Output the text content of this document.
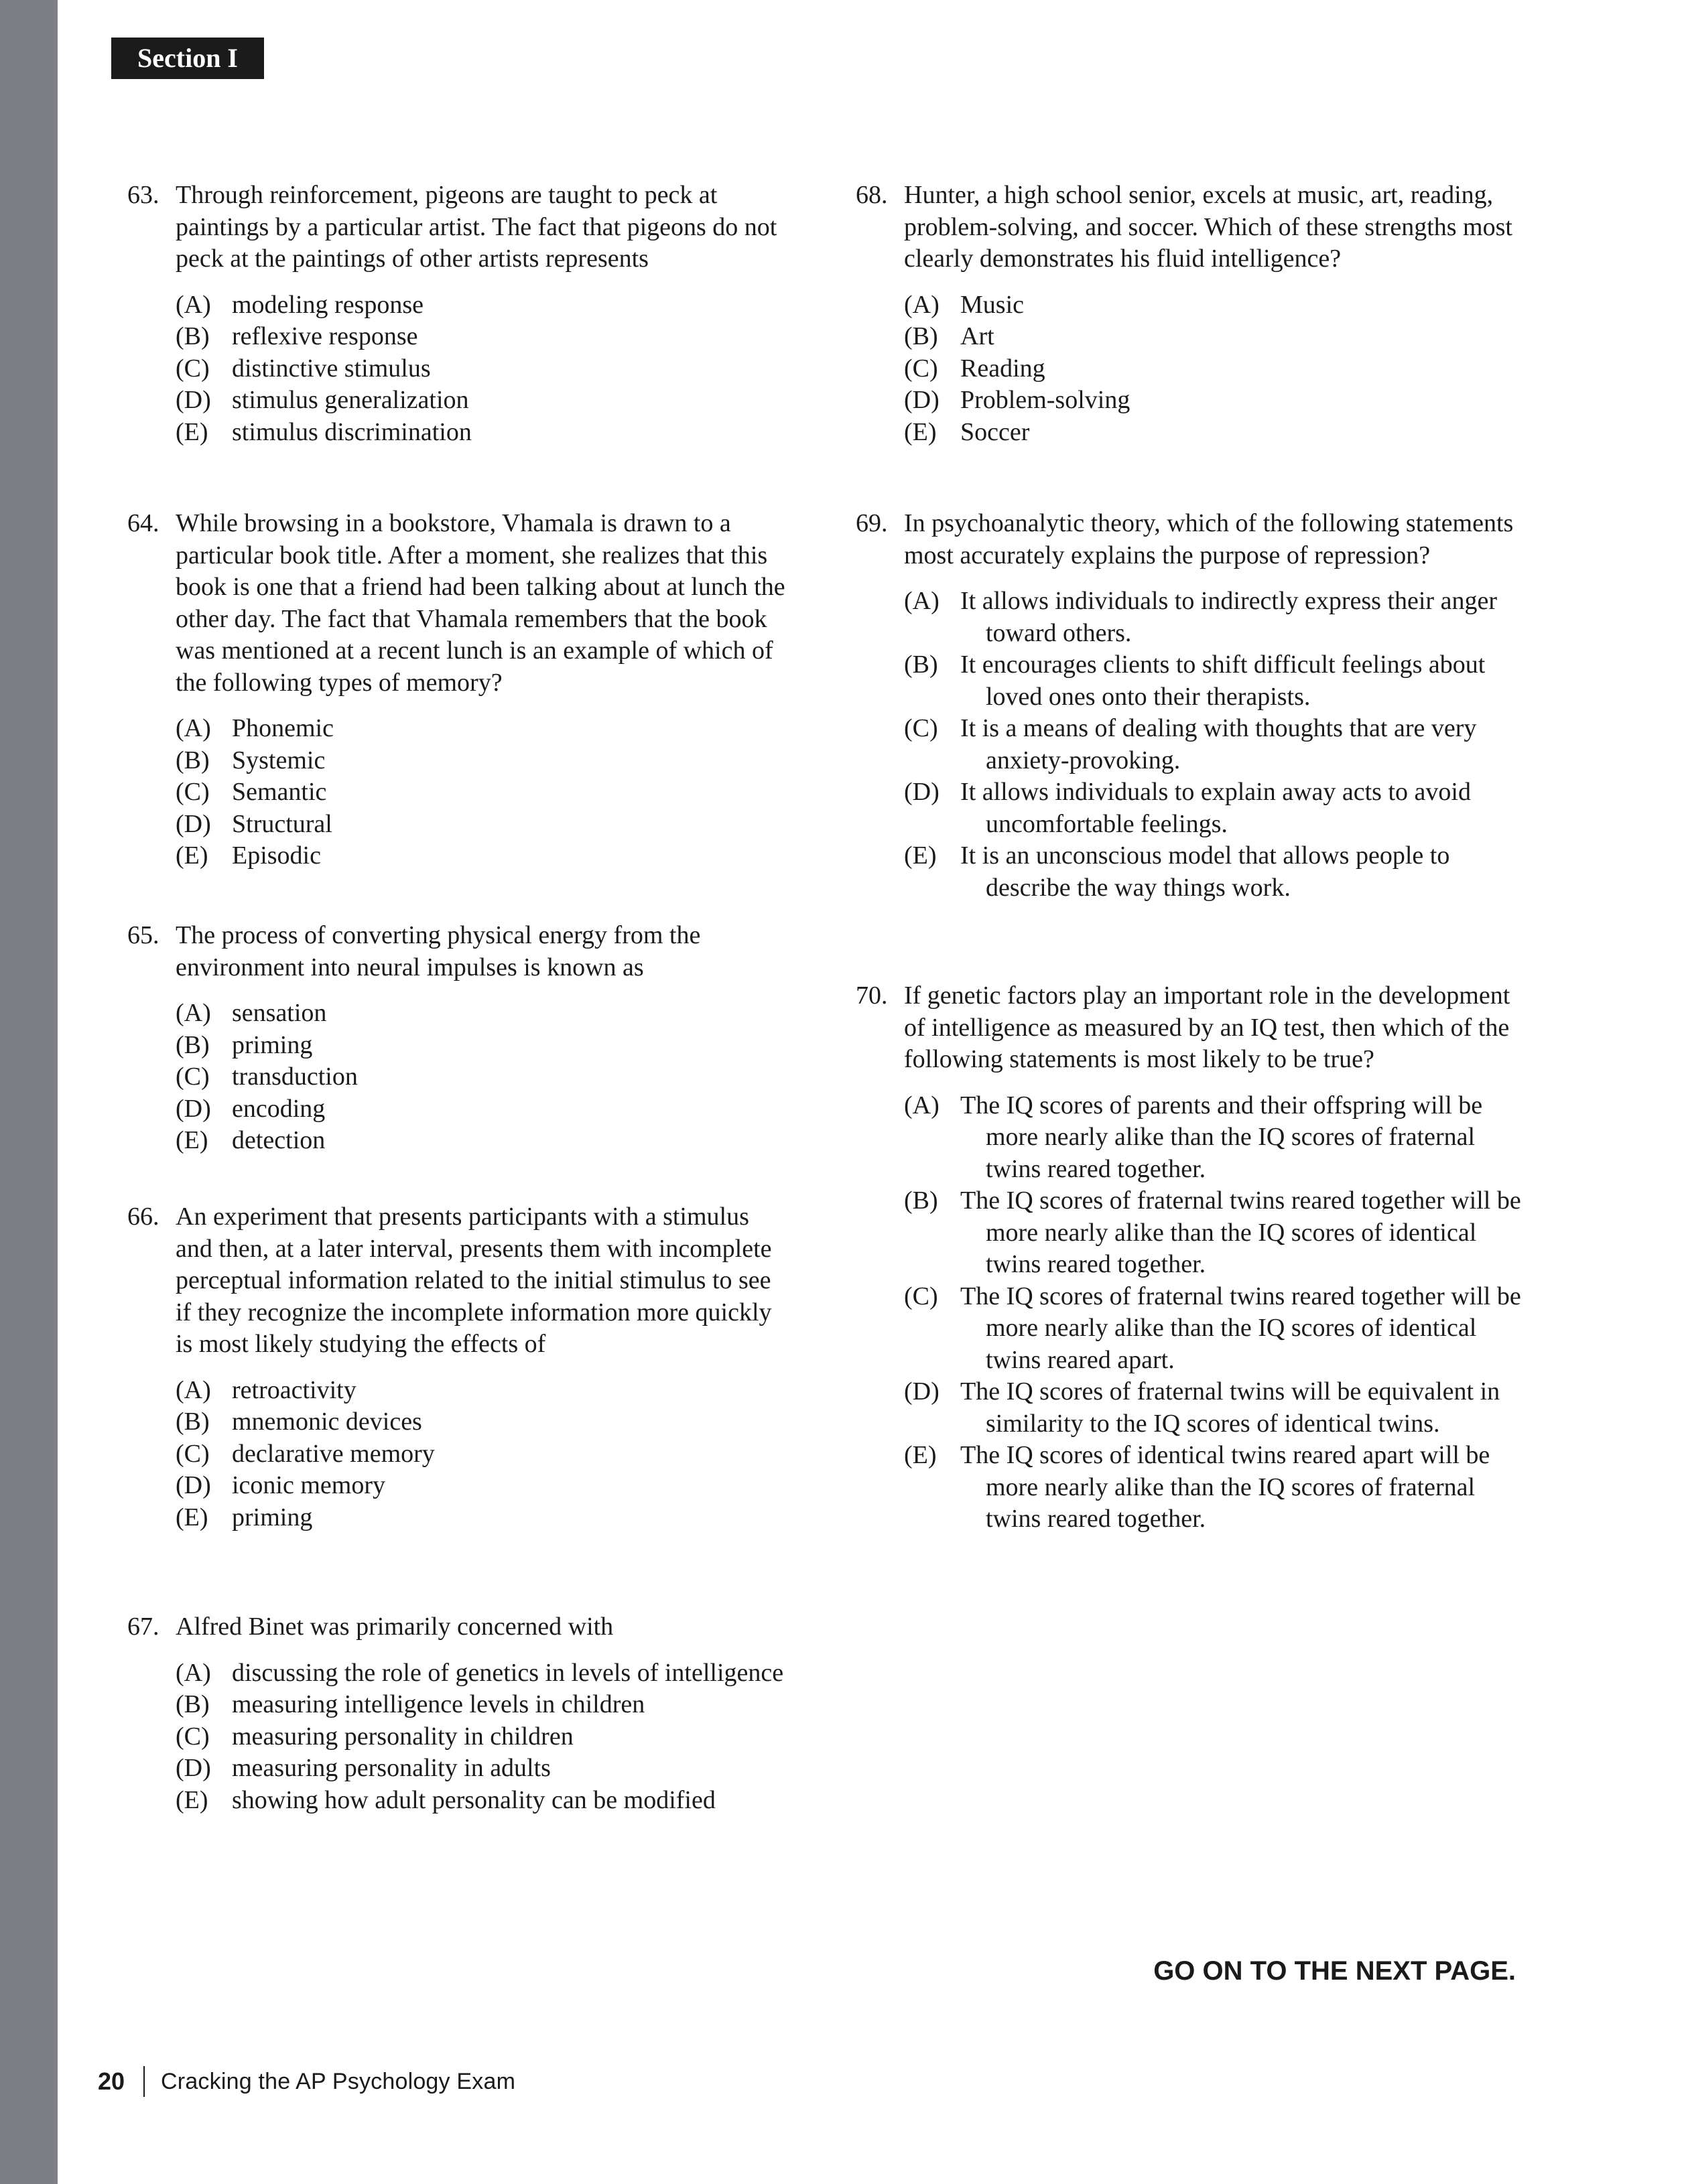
Section I
63. Through reinforcement, pigeons are taught to peck at paintings by a particular artist. The fact that pigeons do not peck at the paintings of other artists represents
(A) modeling response
(B) reflexive response
(C) distinctive stimulus
(D) stimulus generalization
(E) stimulus discrimination
64. While browsing in a bookstore, Vhamala is drawn to a particular book title. After a moment, she realizes that this book is one that a friend had been talking about at lunch the other day. The fact that Vhamala remembers that the book was mentioned at a recent lunch is an example of which of the following types of memory?
(A) Phonemic
(B) Systemic
(C) Semantic
(D) Structural
(E) Episodic
65. The process of converting physical energy from the environment into neural impulses is known as
(A) sensation
(B) priming
(C) transduction
(D) encoding
(E) detection
66. An experiment that presents participants with a stimulus and then, at a later interval, presents them with incomplete perceptual information related to the initial stimulus to see if they recognize the incomplete information more quickly is most likely studying the effects of
(A) retroactivity
(B) mnemonic devices
(C) declarative memory
(D) iconic memory
(E) priming
67. Alfred Binet was primarily concerned with
(A) discussing the role of genetics in levels of intelligence
(B) measuring intelligence levels in children
(C) measuring personality in children
(D) measuring personality in adults
(E) showing how adult personality can be modified
68. Hunter, a high school senior, excels at music, art, reading, problem-solving, and soccer. Which of these strengths most clearly demonstrates his fluid intelligence?
(A) Music
(B) Art
(C) Reading
(D) Problem-solving
(E) Soccer
69. In psychoanalytic theory, which of the following statements most accurately explains the purpose of repression?
(A) It allows individuals to indirectly express their anger toward others.
(B) It encourages clients to shift difficult feelings about loved ones onto their therapists.
(C) It is a means of dealing with thoughts that are very anxiety-provoking.
(D) It allows individuals to explain away acts to avoid uncomfortable feelings.
(E) It is an unconscious model that allows people to describe the way things work.
70. If genetic factors play an important role in the development of intelligence as measured by an IQ test, then which of the following statements is most likely to be true?
(A) The IQ scores of parents and their offspring will be more nearly alike than the IQ scores of fraternal twins reared together.
(B) The IQ scores of fraternal twins reared together will be more nearly alike than the IQ scores of identical twins reared together.
(C) The IQ scores of fraternal twins reared together will be more nearly alike than the IQ scores of identical twins reared apart.
(D) The IQ scores of fraternal twins will be equivalent in similarity to the IQ scores of identical twins.
(E) The IQ scores of identical twins reared apart will be more nearly alike than the IQ scores of fraternal twins reared together.
GO ON TO THE NEXT PAGE.
20 Cracking the AP Psychology Exam
